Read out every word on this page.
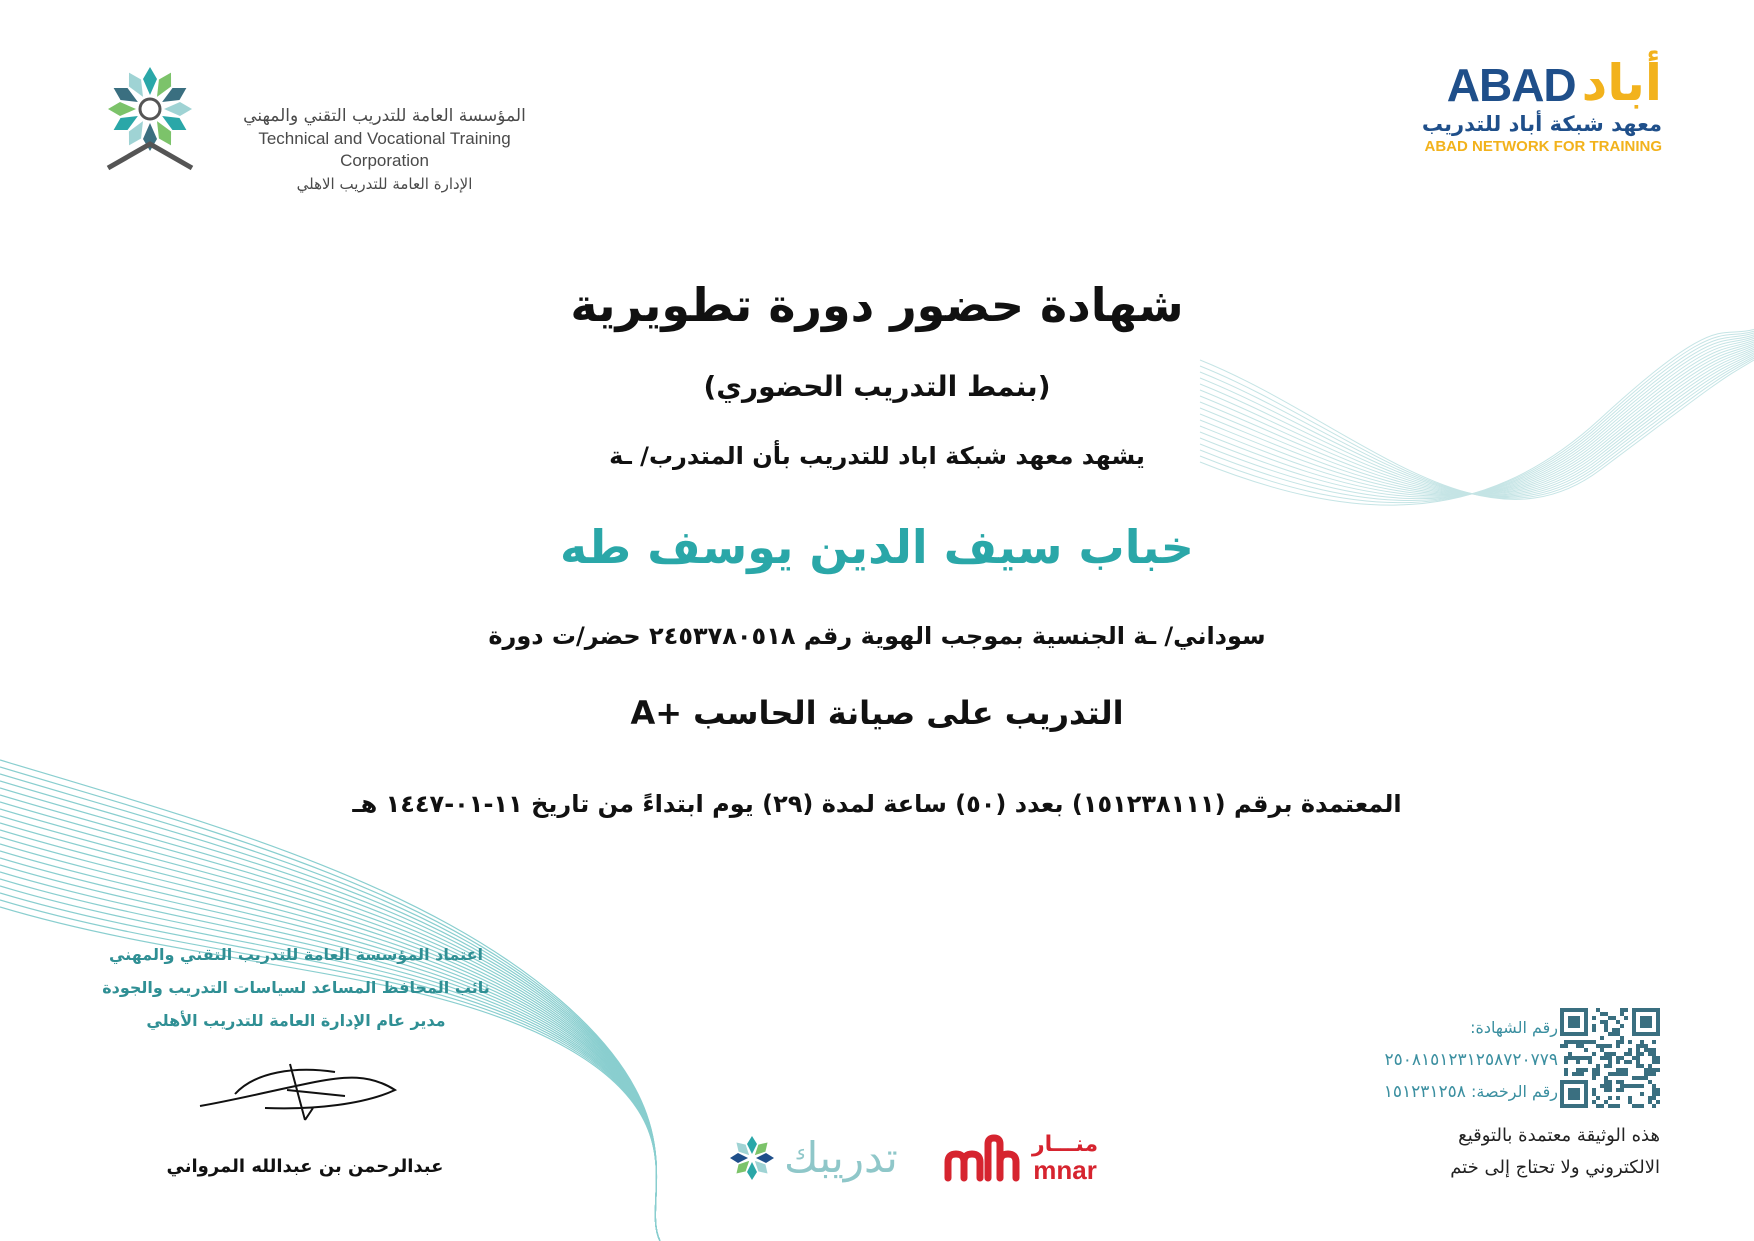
المؤسسة العامة للتدريب التقني والمهني
Technical and Vocational Training Corporation
الإدارة العامة للتدريب الاهلي
ABAD أباد
معهد شبكة أباد للتدريب
ABAD NETWORK FOR TRAINING
شهادة حضور دورة تطويرية
(بنمط التدريب الحضوري)
يشهد معهد شبكة اباد للتدريب بأن المتدرب/ ـة
خباب سيف الدين يوسف طه
سوداني/ ـة الجنسية بموجب الهوية رقم ٢٤٥٣٧٨٠٥١٨ حضر/ت دورة
التدريب على صيانة الحاسب +A
المعتمدة برقم (١٥١٢٣٨١١١) بعدد (٥٠) ساعة لمدة (٢٩) يوم ابتداءً من تاريخ ١١-٠١-١٤٤٧ هـ
اعتماد المؤسسة العامة للتدريب التقني والمهني
نائب المحافظ المساعد لسياسات التدريب والجودة
مدير عام الإدارة العامة للتدريب الأهلي
عبدالرحمن بن عبدالله المرواني	تدريبك	منـــار
mnar
رقم الشهادة:
٢٥٠٨١٥١٢٣١٢٥٨٧٢٠٧٧٩
رقم الرخصة: ١٥١٢٣١٢٥٨
هذه الوثيقة معتمدة بالتوقيع
الالكتروني ولا تحتاج إلى ختم
